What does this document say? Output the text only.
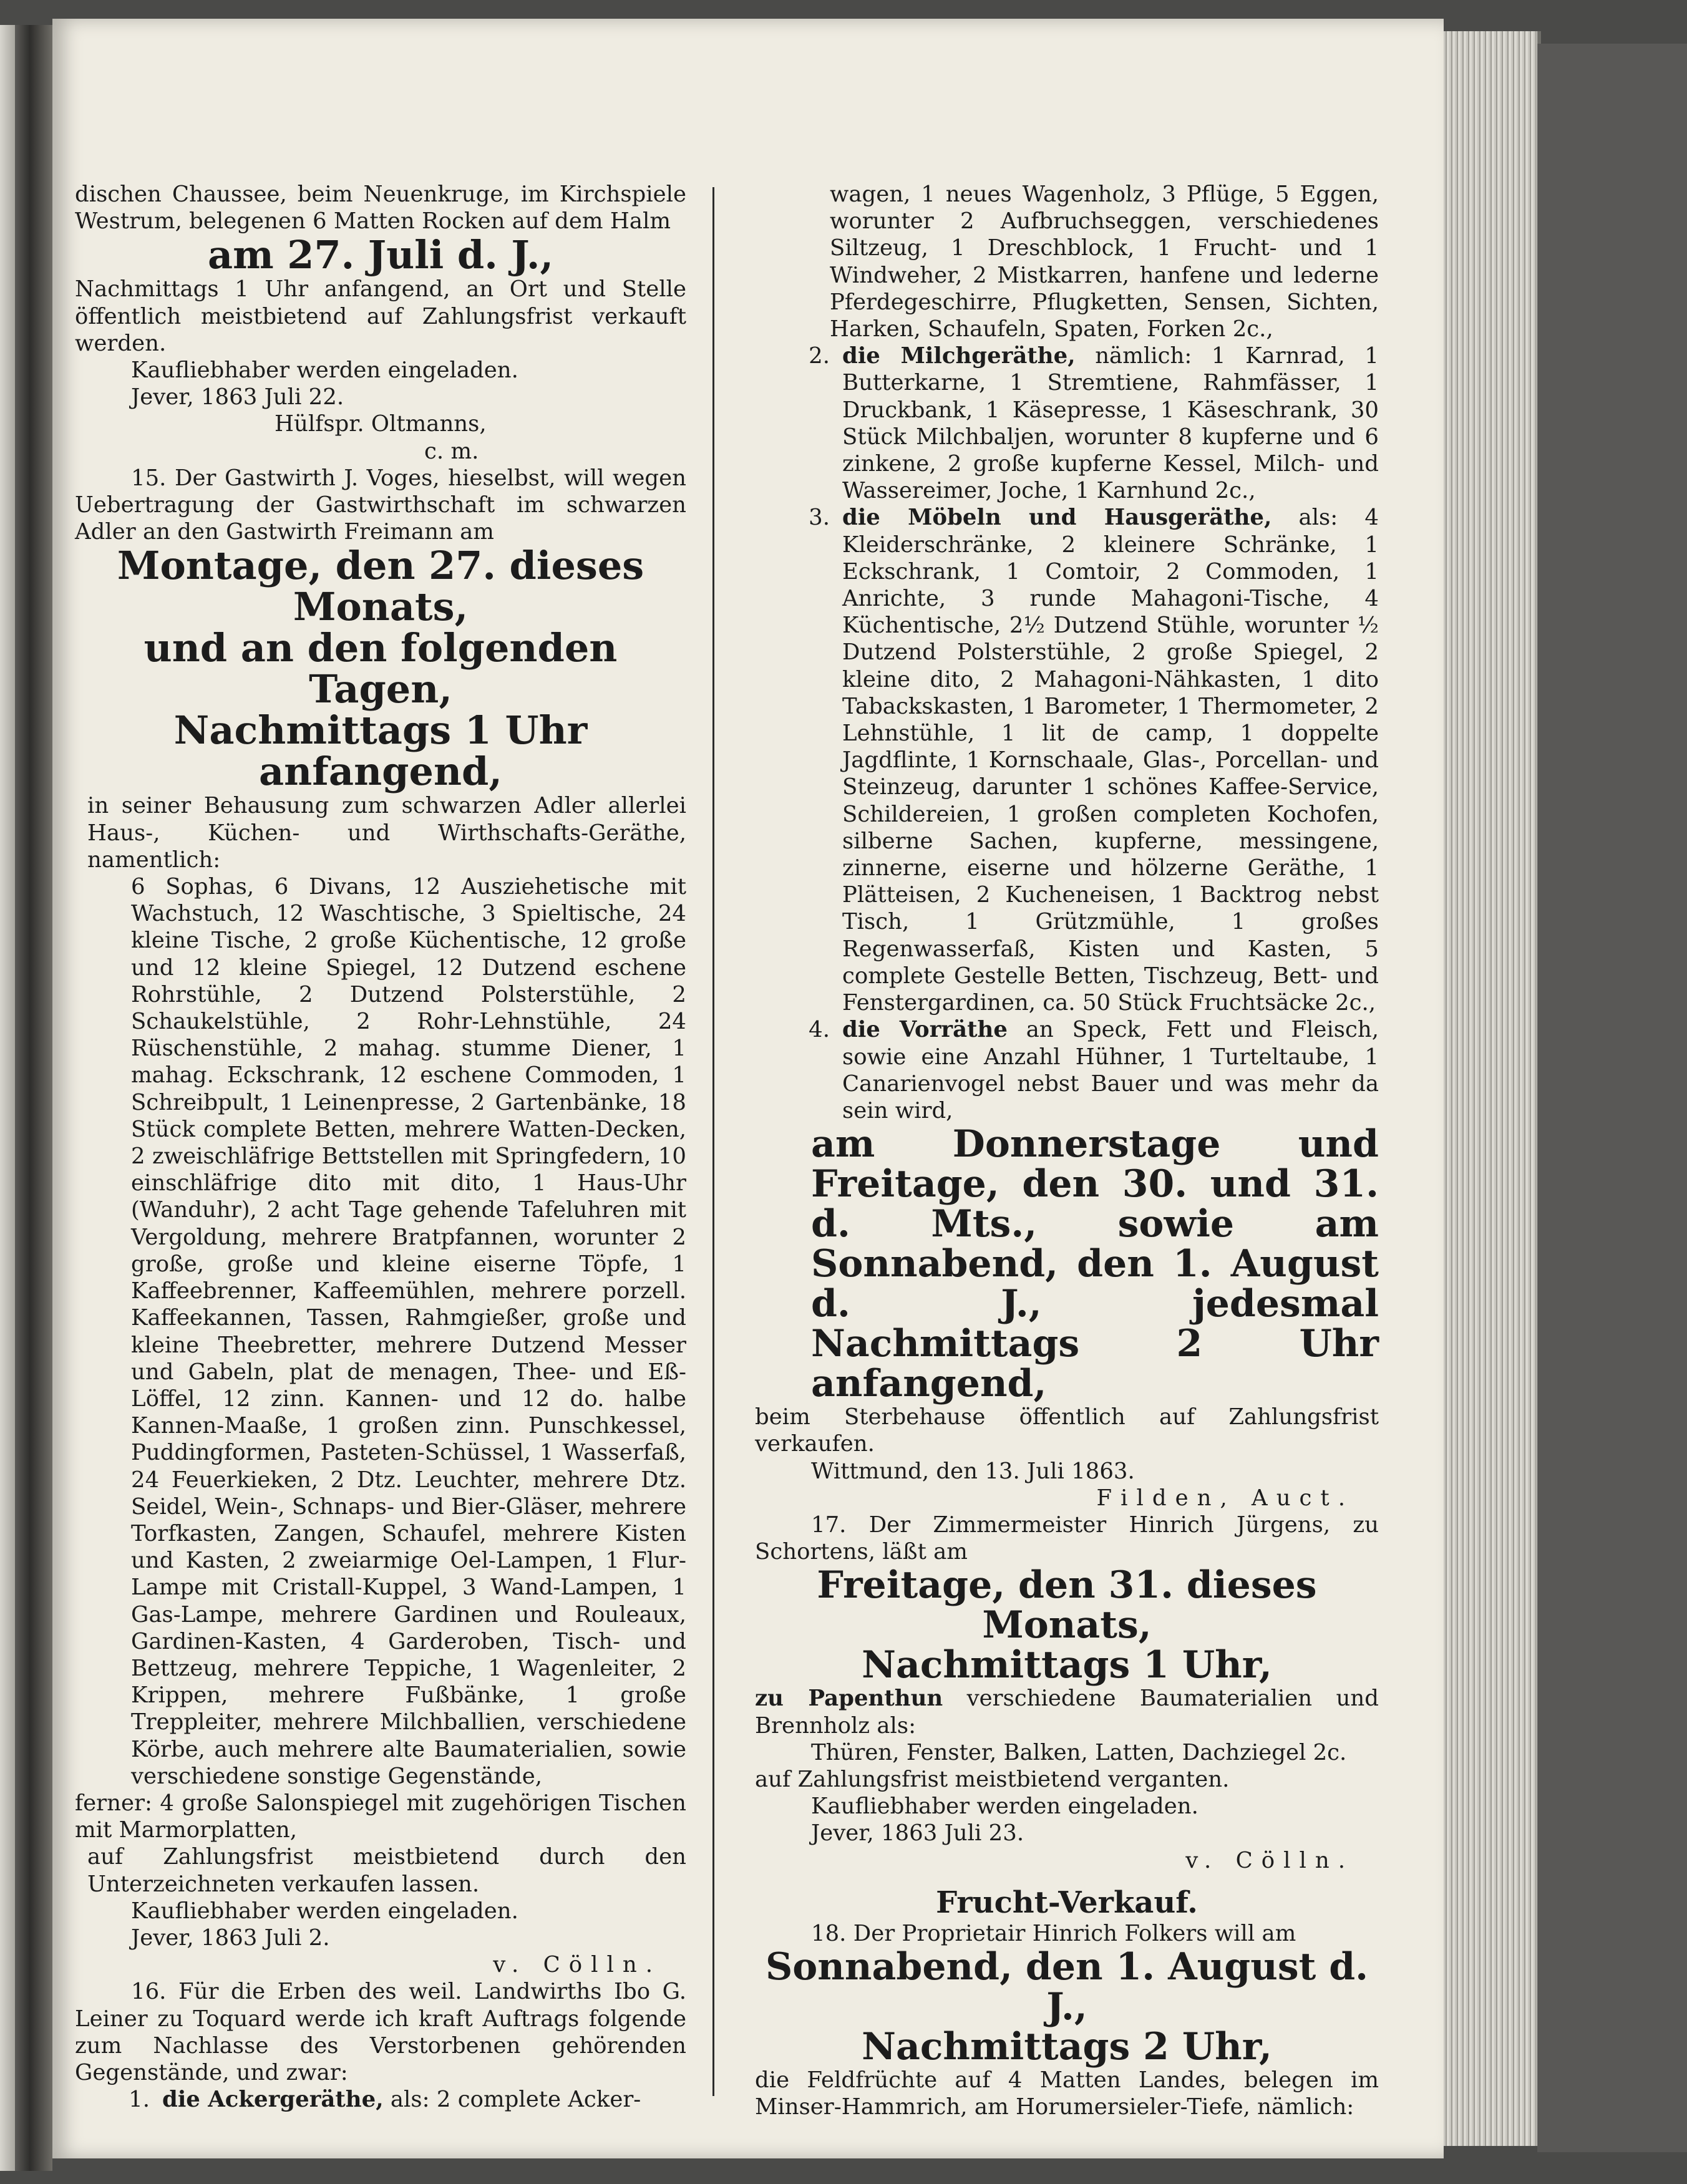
dischen Chaussee, beim Neuenkruge, im Kirchspiele Westrum, belegenen 6 Matten Rocken auf dem Halm

am 27. Juli d. J.,

Nachmittags 1 Uhr anfangend, an Ort und Stelle öffentlich meistbietend auf Zahlungsfrist verkauft werden.

Kaufliebhaber werden eingeladen.

Jever, 1863 Juli 22.

Hülfspr. Oltmanns,

c. m.

15. Der Gastwirth J. Voges, hieselbst, will wegen Uebertragung der Gastwirthschaft im schwarzen Adler an den Gastwirth Freimann am

Montage, den 27. dieses Monats,

und an den folgenden Tagen,

Nachmittags 1 Uhr anfangend,

in seiner Behausung zum schwarzen Adler allerlei Haus-, Küchen- und Wirthschafts-Geräthe, namentlich:

6 Sophas, 6 Divans, 12 Ausziehetische mit Wachstuch, 12 Waschtische, 3 Spieltische, 24 kleine Tische, 2 große Küchentische, 12 große und 12 kleine Spiegel, 12 Dutzend eschene Rohrstühle, 2 Dutzend Polsterstühle, 2 Schaukelstühle, 2 Rohr-Lehnstühle, 24 Rüschenstühle, 2 mahag. stumme Diener, 1 mahag. Eckschrank, 12 eschene Commoden, 1 Schreibpult, 1 Leinenpresse, 2 Gartenbänke, 18 Stück complete Betten, mehrere Watten-Decken, 2 zweischläfrige Bettstellen mit Springfedern, 10 einschläfrige dito mit dito, 1 Haus-Uhr (Wanduhr), 2 acht Tage gehende Tafeluhren mit Vergoldung, mehrere Bratpfannen, worunter 2 große, große und kleine eiserne Töpfe, 1 Kaffeebrenner, Kaffeemühlen, mehrere porzell. Kaffeekannen, Tassen, Rahmgießer, große und kleine Theebretter, mehrere Dutzend Messer und Gabeln, plat de menagen, Thee- und Eß-Löffel, 12 zinn. Kannen- und 12 do. halbe Kannen-Maaße, 1 großen zinn. Punschkessel, Puddingformen, Pasteten-Schüssel, 1 Wasserfaß, 24 Feuerkieken, 2 Dtz. Leuchter, mehrere Dtz. Seidel, Wein-, Schnaps- und Bier-Gläser, mehrere Torfkasten, Zangen, Schaufel, mehrere Kisten und Kasten, 2 zweiarmige Oel-Lampen, 1 Flur-Lampe mit Cristall-Kuppel, 3 Wand-Lampen, 1 Gas-Lampe, mehrere Gardinen und Rouleaux, Gardinen-Kasten, 4 Garderoben, Tisch- und Bettzeug, mehrere Teppiche, 1 Wagenleiter, 2 Krippen, mehrere Fußbänke, 1 große Treppleiter, mehrere Milchballien, verschiedene Körbe, auch mehrere alte Baumaterialien, sowie verschiedene sonstige Gegenstände,

ferner: 4 große Salonspiegel mit zugehörigen Tischen mit Marmorplatten,

auf Zahlungsfrist meistbietend durch den Unterzeichneten verkaufen lassen.

Kaufliebhaber werden eingeladen.

Jever, 1863 Juli 2.

v. Cölln.

16. Für die Erben des weil. Landwirths Ibo G. Leiner zu Toquard werde ich kraft Auftrags folgende zum Nachlasse des Verstorbenen gehörenden Gegenstände, und zwar:

1. die Ackergeräthe, als: 2 complete Acker-

wagen, 1 neues Wagenholz, 3 Pflüge, 5 Eggen, worunter 2 Aufbruchseggen, verschiedenes Siltzeug, 1 Dreschblock, 1 Frucht- und 1 Windweher, 2 Mistkarren, hanfene und lederne Pferdegeschirre, Pflugketten, Sensen, Sichten, Harken, Schaufeln, Spaten, Forken 2c.,

2. die Milchgeräthe, nämlich: 1 Karnrad, 1 Butterkarne, 1 Stremtiene, Rahmfässer, 1 Druckbank, 1 Käsepresse, 1 Käseschrank, 30 Stück Milchbaljen, worunter 8 kupferne und 6 zinkene, 2 große kupferne Kessel, Milch- und Wassereimer, Joche, 1 Karnhund 2c.,
3. die Möbeln und Hausgeräthe, als: 4 Kleiderschränke, 2 kleinere Schränke, 1 Eckschrank, 1 Comtoir, 2 Commoden, 1 Anrichte, 3 runde Mahagoni-Tische, 4 Küchentische, 2½ Dutzend Stühle, worunter ½ Dutzend Polsterstühle, 2 große Spiegel, 2 kleine dito, 2 Mahagoni-Nähkasten, 1 dito Tabackskasten, 1 Barometer, 1 Thermometer, 2 Lehnstühle, 1 lit de camp, 1 doppelte Jagdflinte, 1 Kornschaale, Glas-, Porcellan- und Steinzeug, darunter 1 schönes Kaffee-Service, Schildereien, 1 großen completen Kochofen, silberne Sachen, kupferne, messingene, zinnerne, eiserne und hölzerne Geräthe, 1 Plätteisen, 2 Kucheneisen, 1 Backtrog nebst Tisch, 1 Grützmühle, 1 großes Regenwasserfaß, Kisten und Kasten, 5 complete Gestelle Betten, Tischzeug, Bett- und Fenstergardinen, ca. 50 Stück Fruchtsäcke 2c.,
4. die Vorräthe an Speck, Fett und Fleisch, sowie eine Anzahl Hühner, 1 Turteltaube, 1 Canarienvogel nebst Bauer und was mehr da sein wird,

am Donnerstage und Freitage, den 30. und 31. d. Mts., sowie am Sonnabend, den 1. August d. J., jedesmal Nachmittags 2 Uhr anfangend,

beim Sterbehause öffentlich auf Zahlungsfrist verkaufen.

Wittmund, den 13. Juli 1863.

Filden, Auct.

17. Der Zimmermeister Hinrich Jürgens, zu Schortens, läßt am

Freitage, den 31. dieses Monats,

Nachmittags 1 Uhr,

zu Papenthun verschiedene Baumaterialien und Brennholz als:

Thüren, Fenster, Balken, Latten, Dachziegel 2c.

auf Zahlungsfrist meistbietend verganten.

Kaufliebhaber werden eingeladen.

Jever, 1863 Juli 23.

v. Cölln.

Frucht-Verkauf.

18. Der Proprietair Hinrich Folkers will am

Sonnabend, den 1. August d. J.,

Nachmittags 2 Uhr,

die Feldfrüchte auf 4 Matten Landes, belegen im Minser-Hammrich, am Horumersieler-Tiefe, nämlich:
